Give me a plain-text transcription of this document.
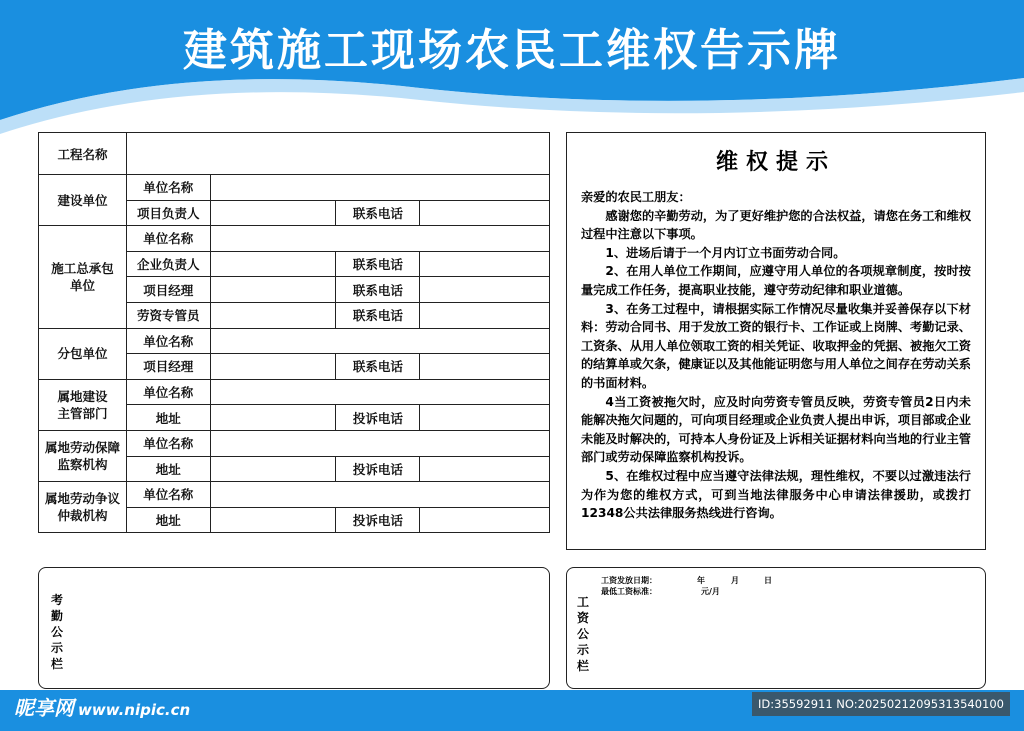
建筑施工现场农民工维权告示牌
工程名称				
建设单位	单位名称			
	项目负责人		联系电话	
施工总承包单位	单位名称			
	企业负责人		联系电话	
	项目经理		联系电话	
	劳资专管员		联系电话	
分包单位	单位名称			
	项目经理		联系电话	
属地建设主管部门	单位名称			
	地址		投诉电话	
属地劳动保障监察机构	单位名称			
	地址		投诉电话	
属地劳动争议仲裁机构	单位名称			
	地址		投诉电话	
维权提示

亲爱的农民工朋友：

感谢您的辛勤劳动，为了更好维护您的合法权益，请您在务工和维权过程中注意以下事项。

1、进场后请于一个月内订立书面劳动合同。

2、在用人单位工作期间，应遵守用人单位的各项规章制度，按时按量完成工作任务，提高职业技能，遵守劳动纪律和职业道德。

3、在务工过程中，请根据实际工作情况尽量收集并妥善保存以下材料：劳动合同书、用于发放工资的银行卡、工作证或上岗牌、考勤记录、工资条、从用人单位领取工资的相关凭证、收取押金的凭据、被拖欠工资的结算单或欠条，健康证以及其他能证明您与用人单位之间存在劳动关系的书面材料。

4当工资被拖欠时，应及时向劳资专管员反映，劳资专管员2日内未能解决拖欠问题的，可向项目经理或企业负责人提出申诉，项目部或企业未能及时解决的，可持本人身份证及上诉相关证据材料向当地的行业主管部门或劳动保障监察机构投诉。

5、在维权过程中应当遵守法律法规，理性维权，不要以过激违法行为作为您的维权方式，可到当地法律服务中心申请法律援助，或拨打12348公共法律服务热线进行咨询。

考勤公示栏
工资公示栏
工资发放日期：	年	月	日
最低工资标准：	元/月
昵享网 www.nipic.cn	ID:35592911 NO:20250212095313540100
